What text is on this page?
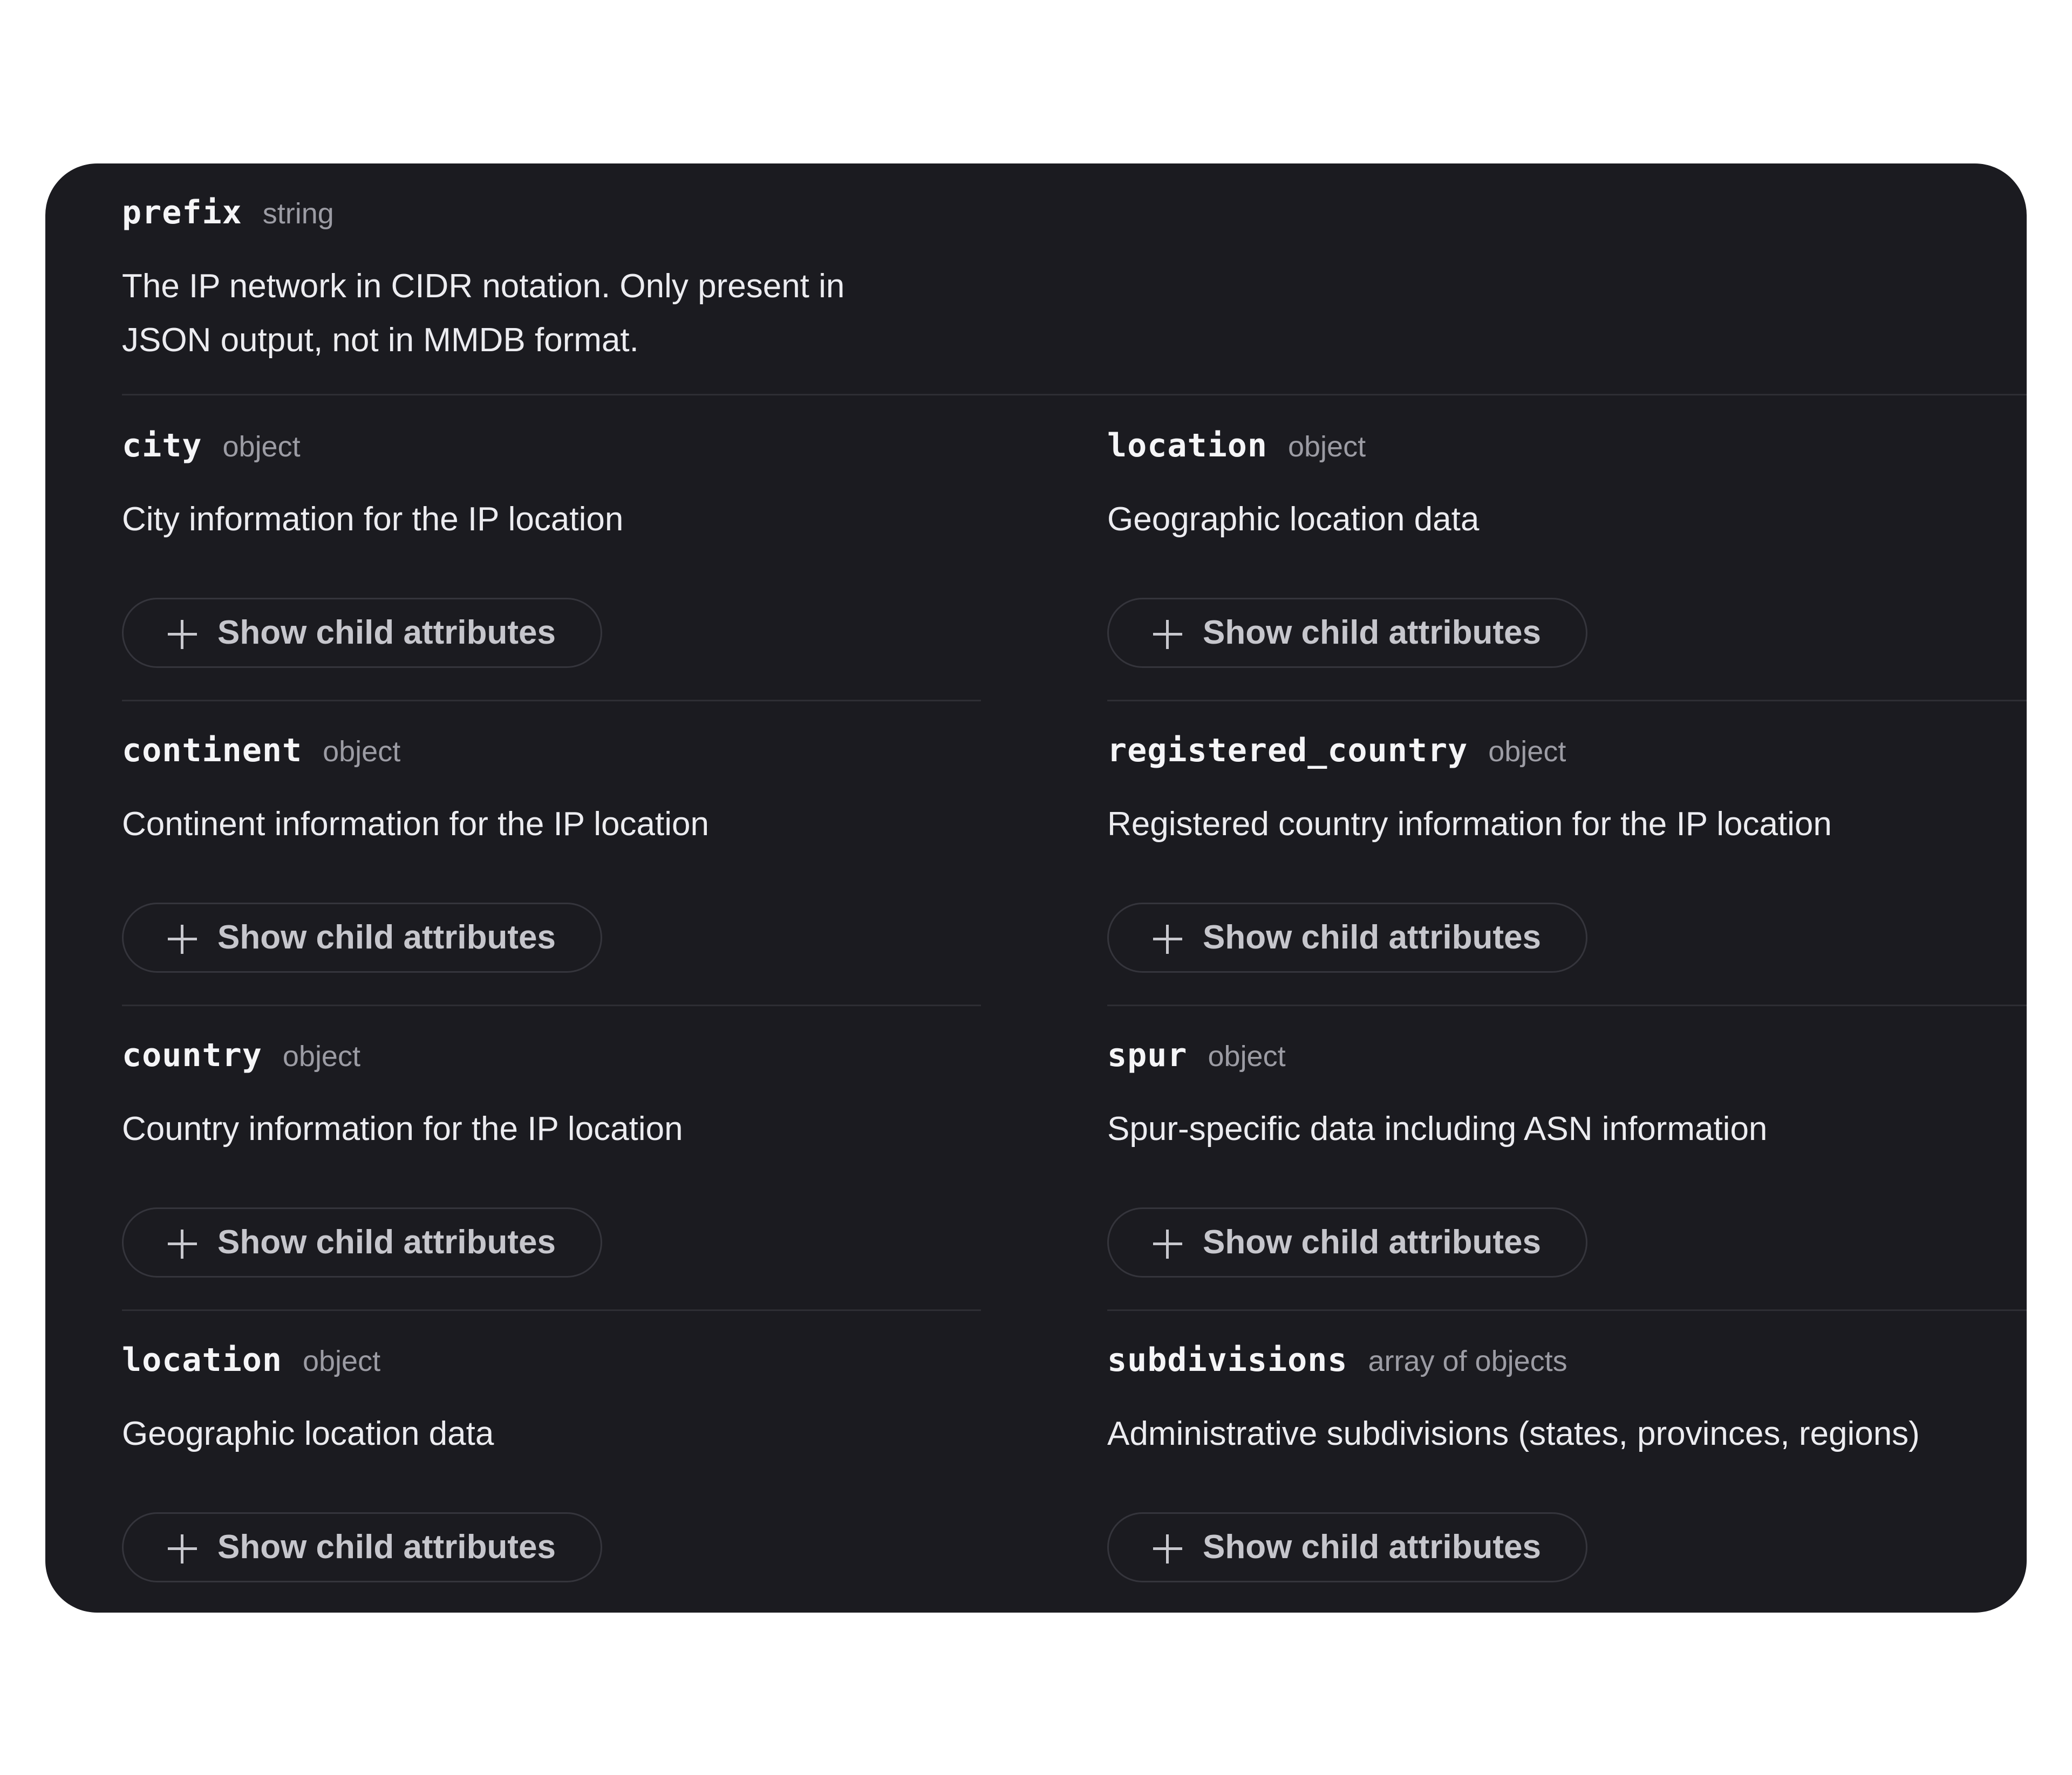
prefix string
The IP network in CIDR notation. Only present in JSON output, not in MMDB format.
city object
City information for the IP location
Show child attributes
continent object
Continent information for the IP location
Show child attributes
country object
Country information for the IP location
Show child attributes
location object
Geographic location data
Show child attributes
location object
Geographic location data
Show child attributes
registered_country object
Registered country information for the IP location
Show child attributes
spur object
Spur-specific data including ASN information
Show child attributes
subdivisions array of objects
Administrative subdivisions (states, provinces, regions)
Show child attributes
